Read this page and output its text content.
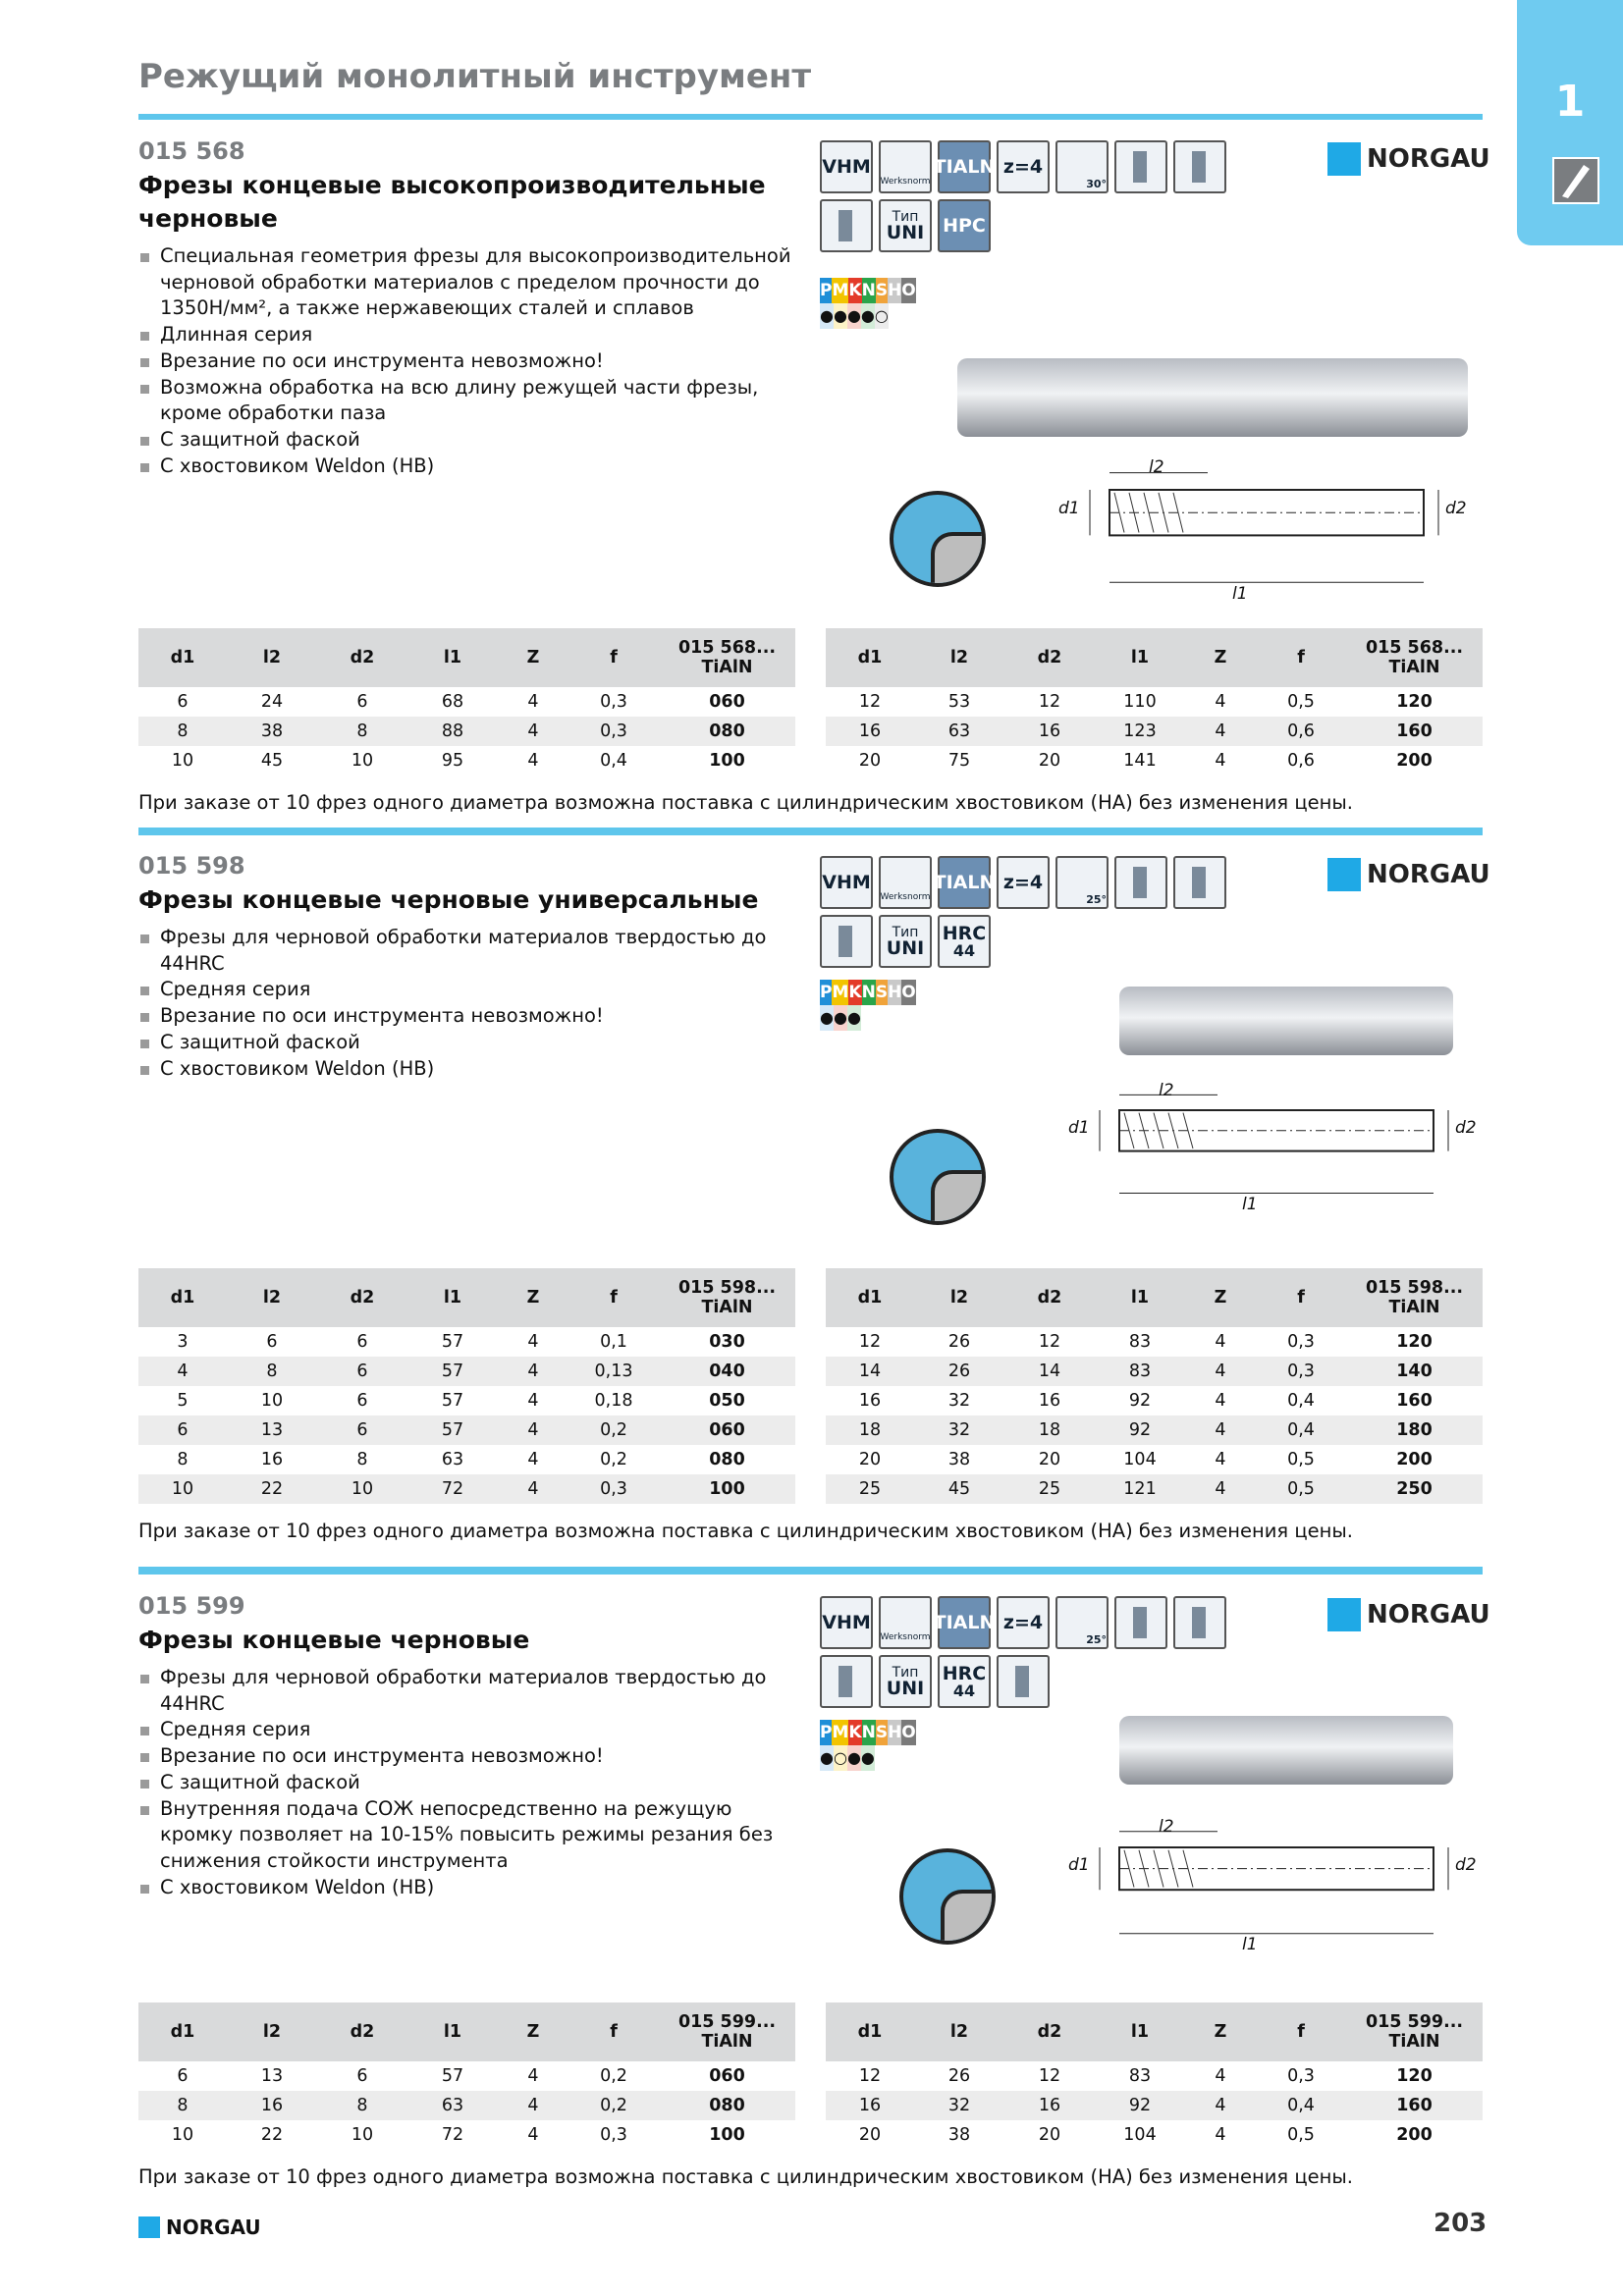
Режущий монолитный инструмент	1
015 568
Фрезы концевые высокопроизводительные черновые
Специальная геометрия фрезы для высокопроизводительной черновой обработки материалов с пределом прочности до 1350Н/мм², а также нержавеющих сталей и сплавов
Длинная серия
Врезание по оси инструмента невозможно!
Возможна обработка на всю длину режущей части фрезы, кроме обработки паза
С защитной фаской
С хвостовиком Weldon (HB)
VHM
Werksnorm
TIALN z=4
30°
Тип
UNI HPC
P M K N S H O
● ● ● ● ○
NORGAU
l2
d1	d2
l1
d1	l2	d2	l1	Z	f	015 568...
TiAlN

6	24	6	68	4	0,3	060
8	38	8	88	4	0,3	080
10	45	10	95	4	0,4	100
d1	l2	d2	l1	Z	f	015 568...
TiAlN

12	53	12	110	4	0,5	120
16	63	16	123	4	0,6	160
20	75	20	141	4	0,6	200
При заказе от 10 фрез одного диаметра возможна поставка с цилиндрическим хвостовиком (HA) без изменения цены.
015 598
Фрезы концевые черновые универсальные
Фрезы для черновой обработки материалов твердостью до 44HRC
Средняя серия
Врезание по оси инструмента невозможно!
С защитной фаской
С хвостовиком Weldon (HB)
VHM
Werksnorm
TIALN z=4
25°
Тип
UNI
HRC
44
P M K N S H O
● ● ●
NORGAU
l2
d1	d2
l1
d1	l2	d2	l1	Z	f	015 598...
TiAlN

3	6	6	57	4	0,1	030
4	8	6	57	4	0,13	040
5	10	6	57	4	0,18	050
6	13	6	57	4	0,2	060
8	16	8	63	4	0,2	080
10	22	10	72	4	0,3	100
d1	l2	d2	l1	Z	f	015 598...
TiAlN

12	26	12	83	4	0,3	120
14	26	14	83	4	0,3	140
16	32	16	92	4	0,4	160
18	32	18	92	4	0,4	180
20	38	20	104	4	0,5	200
25	45	25	121	4	0,5	250
При заказе от 10 фрез одного диаметра возможна поставка с цилиндрическим хвостовиком (HA) без изменения цены.
015 599
Фрезы концевые черновые
Фрезы для черновой обработки материалов твердостью до 44HRC
Средняя серия
Врезание по оси инструмента невозможно!
С защитной фаской
Внутренняя подача СОЖ непосредственно на режущую кромку позволяет на 10-15% повысить режимы резания без снижения стойкости инструмента
С хвостовиком Weldon (HB)
VHM
Werksnorm
TIALN z=4
25°
Тип
UNI
HRC
44
P M K N S H O
● ○ ● ●
NORGAU
l2
d1	d2
l1
d1	l2	d2	l1	Z	f	015 599...
TiAlN

6	13	6	57	4	0,2	060
8	16	8	63	4	0,2	080
10	22	10	72	4	0,3	100
d1	l2	d2	l1	Z	f	015 599...
TiAlN

12	26	12	83	4	0,3	120
16	32	16	92	4	0,4	160
20	38	20	104	4	0,5	200
При заказе от 10 фрез одного диаметра возможна поставка с цилиндрическим хвостовиком (HA) без изменения цены.
NORGAU	203
